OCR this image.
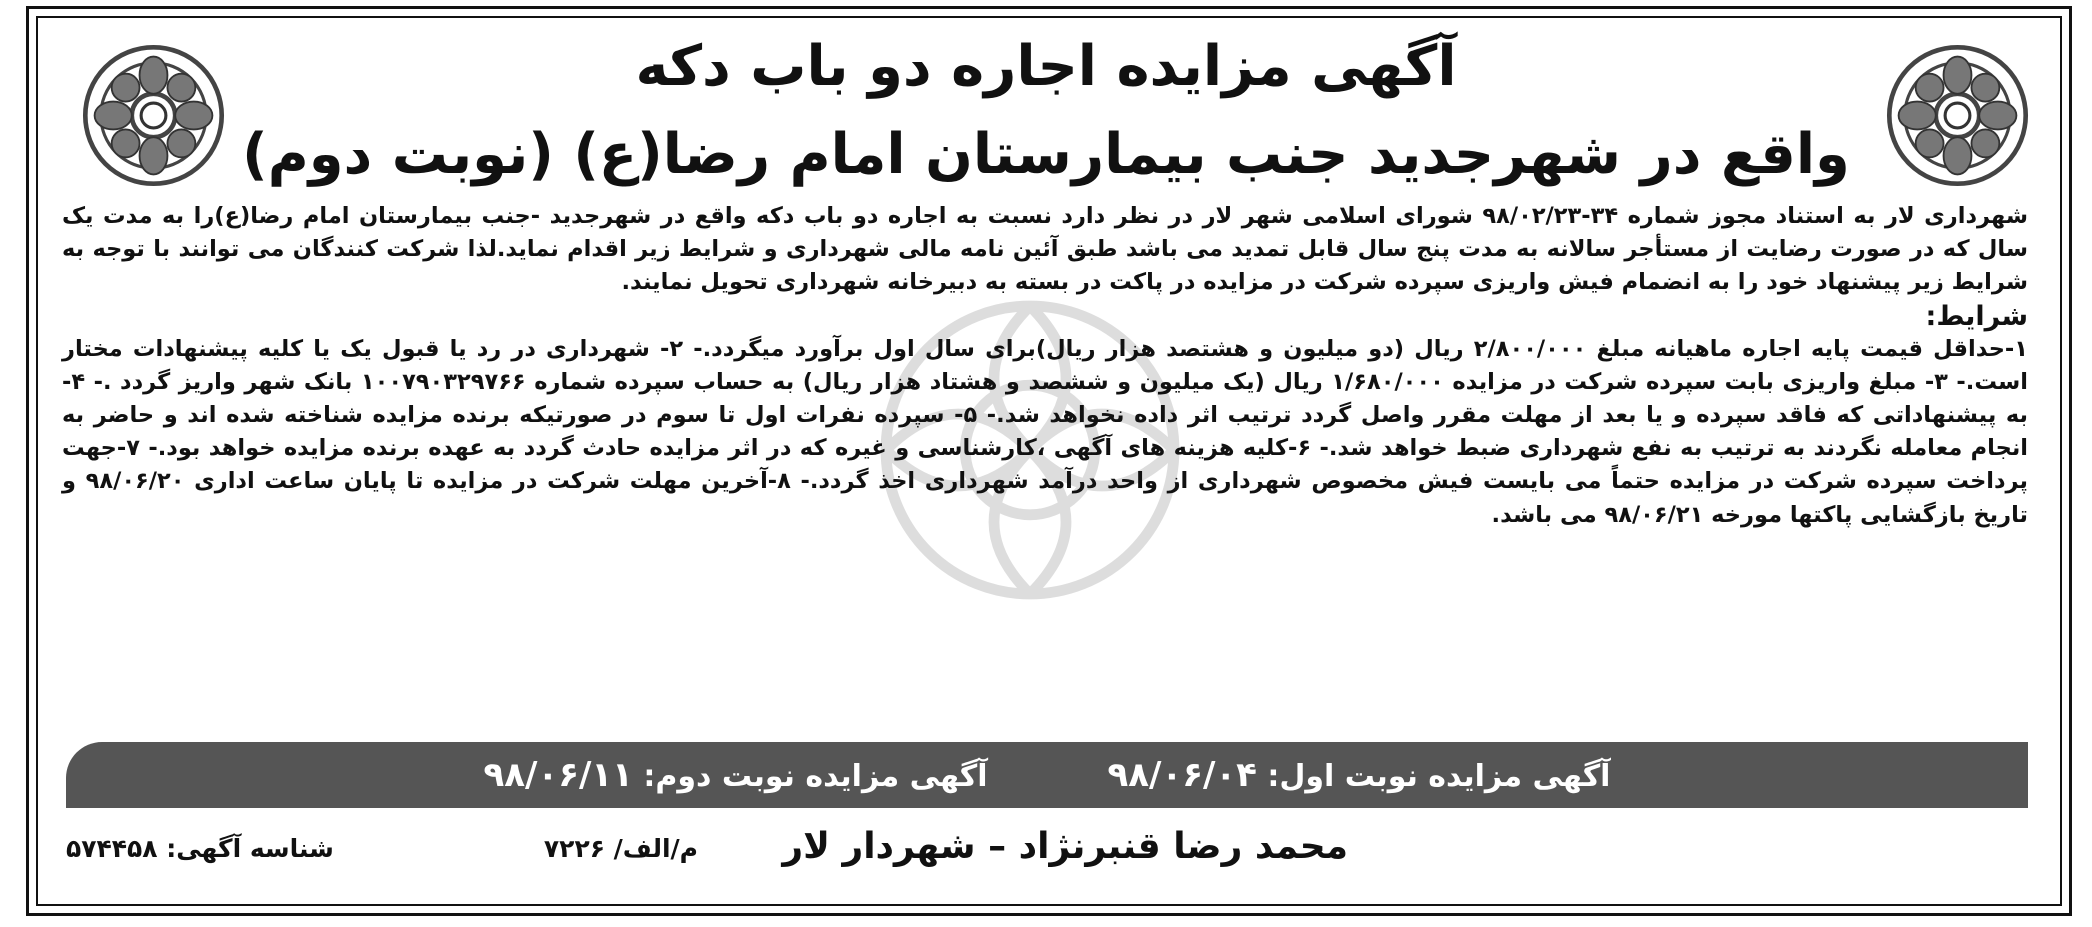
آگهی مزایده اجاره دو باب دکه
واقع در شهرجدید جنب بیمارستان امام رضا(ع) (نوبت دوم)

شهرداری لار به استناد مجوز شماره ۳۴-۹۸/۰۲/۲۳ شورای اسلامی شهر لار در نظر دارد نسبت به اجاره دو باب دکه واقع در شهرجدید -جنب بیمارستان امام رضا(ع)را به مدت یک سال که در صورت رضایت از مستأجر سالانه به مدت پنج سال قابل تمدید می باشد طبق آئین نامه مالی شهرداری و شرایط زیر اقدام نماید.لذا شرکت کنندگان می توانند با توجه به شرایط زیر پیشنهاد خود را به انضمام فیش واریزی سپرده شرکت در مزایده در پاکت در بسته به دبیرخانه شهرداری تحویل نمایند.

شرایط:

۱-حداقل قیمت پایه اجاره ماهیانه مبلغ ۲/۸۰۰/۰۰۰ ریال (دو میلیون و هشتصد هزار ریال)برای سال اول برآورد میگردد.- ۲- شهرداری در رد یا قبول یک یا کلیه پیشنهادات مختار است.- ۳- مبلغ واریزی بابت سپرده شرکت در مزایده ۱/۶۸۰/۰۰۰ ریال (یک میلیون و ششصد و هشتاد هزار ریال) به حساب سپرده شماره ۱۰۰۷۹۰۳۲۹۷۶۶ بانک شهر واریز گردد .- ۴-به پیشنهاداتی که فاقد سپرده و یا بعد از مهلت مقرر واصل گردد ترتیب اثر داده نخواهد شد.- ۵- سپرده نفرات اول تا سوم در صورتیکه برنده مزایده شناخته شده اند و حاضر به انجام معامله نگردند به ترتیب به نفع شهرداری ضبط خواهد شد.- ۶-کلیه هزینه های آگهی ،کارشناسی و غیره که در اثر مزایده حادث گردد به عهده برنده مزایده خواهد بود.- ۷-جهت پرداخت سپرده شرکت در مزایده حتماً می بایست فیش مخصوص شهرداری از واحد درآمد شهرداری اخذ گردد.- ۸-آخرین مهلت شرکت در مزایده تا پایان ساعت اداری ۹۸/۰۶/۲۰ و تاریخ بازگشایی پاکتها مورخه ۹۸/۰۶/۲۱ می باشد.

آگهی مزایده نوبت اول: ۹۸/۰۶/۰۴
آگهی مزایده نوبت دوم: ۹۸/۰۶/۱۱
محمد رضا قنبرنژاد – شهردار لار
م/الف/ ۷۲۲۶
شناسه آگهی: ۵۷۴۴۵۸
